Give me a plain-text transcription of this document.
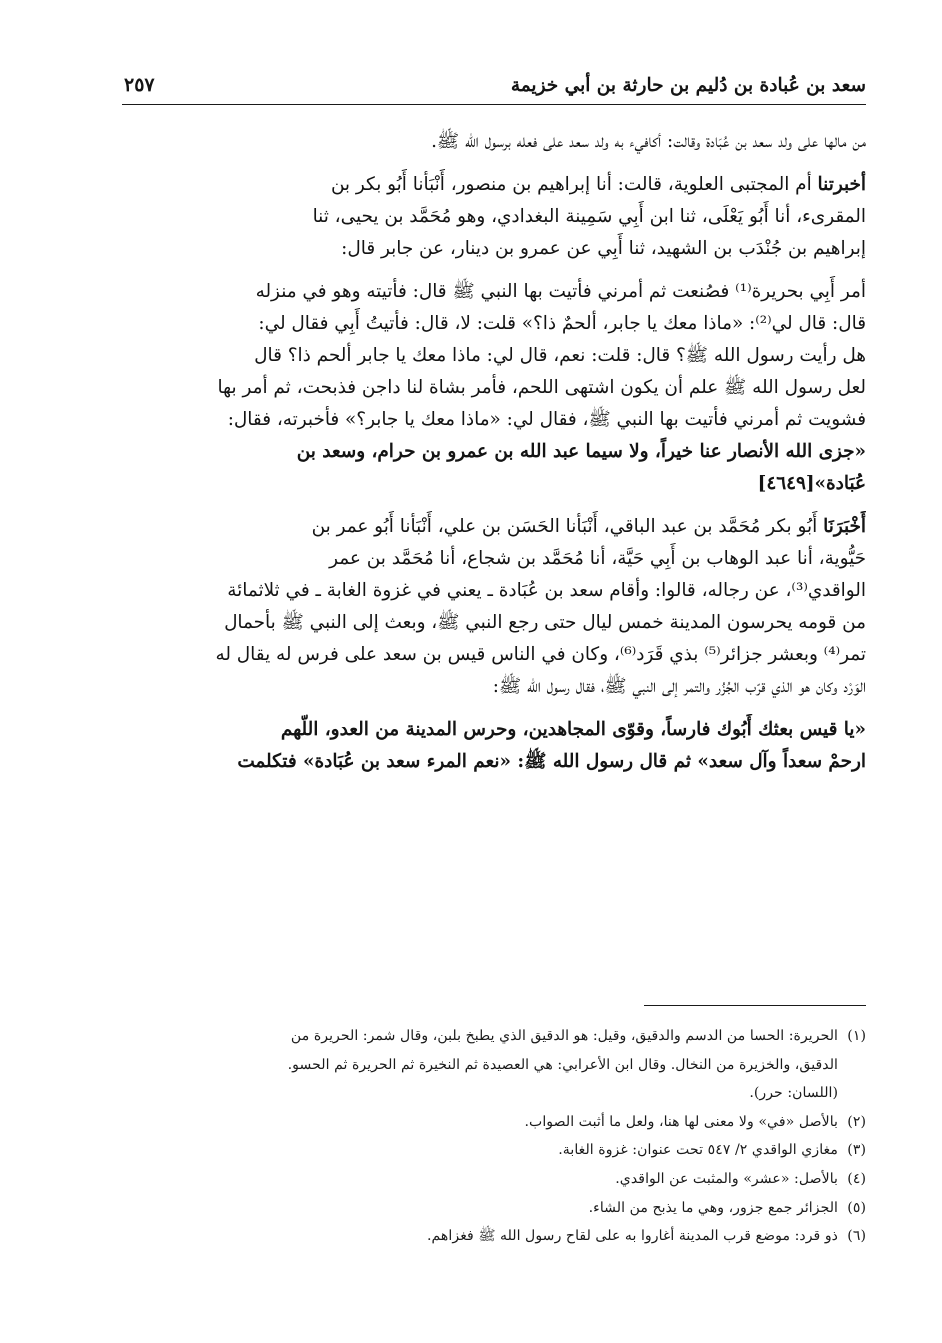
سعد بن عُبادة بن دُليم بن حارثة بن أبي خزيمة
٢٥٧

من مالها على ولد سعد بن عُبَادة وقالت: أكافيء به ولد سعد على فعله برسول الله ﷺ.

أخبرتنا أم المجتبى العلوية، قالت: أنا إبراهيم بن منصور، أَنْبَأنا أَبُو بكر بن
المقرىء، أنا أَبُو يَعْلَى، ثنا ابن أَبِي سَمِينة البغدادي، وهو مُحَمَّد بن يحيى، ثنا
إبراهيم بن جُنْدَب بن الشهيد، ثنا أَبِي عن عمرو بن دينار، عن جابر قال:

أمر أَبِي بحريرة⁽¹⁾ فصُنعت ثم أمرني فأتيت بها النبي ﷺ قال: فأتيته وهو في منزله
قال: قال لي⁽²⁾: «ماذا معك يا جابر، ألحمٌ ذا؟» قلت: لا، قال: فأتيتُ أَبِي فقال لي:
هل رأيت رسول الله ﷺ؟ قال: قلت: نعم، قال لي: ماذا معك يا جابر ألحم ذا؟ قال
لعل رسول الله ﷺ علم أن يكون اشتهى اللحم، فأمر بشاة لنا داجن فذبحت، ثم أمر بها
فشويت ثم أمرني فأتيت بها النبي ﷺ، فقال لي: «ماذا معك يا جابر؟» فأخبرته، فقال:
«جزى الله الأنصار عنا خيراً، ولا سيما عبد الله بن عمرو بن حرام، وسعد بن
عُبَادة»[٤٦٤٩]

أَخْبَرَنَا أَبُو بكر مُحَمَّد بن عبد الباقي، أَنْبَأنا الحَسَن بن علي، أَنْبَأنا أَبُو عمر بن
حَيُّوية، أنا عبد الوهاب بن أَبِي حَيَّة، أنا مُحَمَّد بن شجاع، أنا مُحَمَّد بن عمر
الواقدي⁽³⁾، عن رجاله، قالوا: وأقام سعد بن عُبَادة ـ يعني في غزوة الغابة ـ في ثلاثمائة
من قومه يحرسون المدينة خمس ليال حتى رجع النبي ﷺ، وبعث إلى النبي ﷺ بأحمال
تمر⁽⁴⁾ وبعشر جزائر⁽⁵⁾ بذي قَرَد⁽⁶⁾، وكان في الناس قيس بن سعد على فرس له يقال له
الوَرْد وكان هو الذي قرّب الجُزُر والتمر إلى النبي ﷺ، فقال رسول الله ﷺ:

«يا قيس بعثك أَبُوك فارساً، وقوّى المجاهدين، وحرس المدينة من العدو، اللّهم
ارحمْ سعداً وآل سعد» ثم قال رسول الله ﷺ: «نعم المرء سعد بن عُبَادة» فتكلمت

(١)الحريرة: الحسا من الدسم والدقيق، وقيل: هو الدقيق الذي يطبخ بلبن، وقال شمر: الحريرة من
الدقيق، والخزيرة من النخال. وقال ابن الأعرابي: هي العصيدة ثم النخيرة ثم الحريرة ثم الحسو.
(اللسان: حرر).
(٢)بالأصل «في» ولا معنى لها هنا، ولعل ما أثبت الصواب.
(٣)مغازي الواقدي ٢/ ٥٤٧ تحت عنوان: غزوة الغابة.
(٤)بالأصل: «عشر» والمثبت عن الواقدي.
(٥)الجزائر جمع جزور، وهي ما يذبح من الشاء.
(٦)ذو قرد: موضع قرب المدينة أغاروا به على لقاح رسول الله ﷺ فغزاهم.
